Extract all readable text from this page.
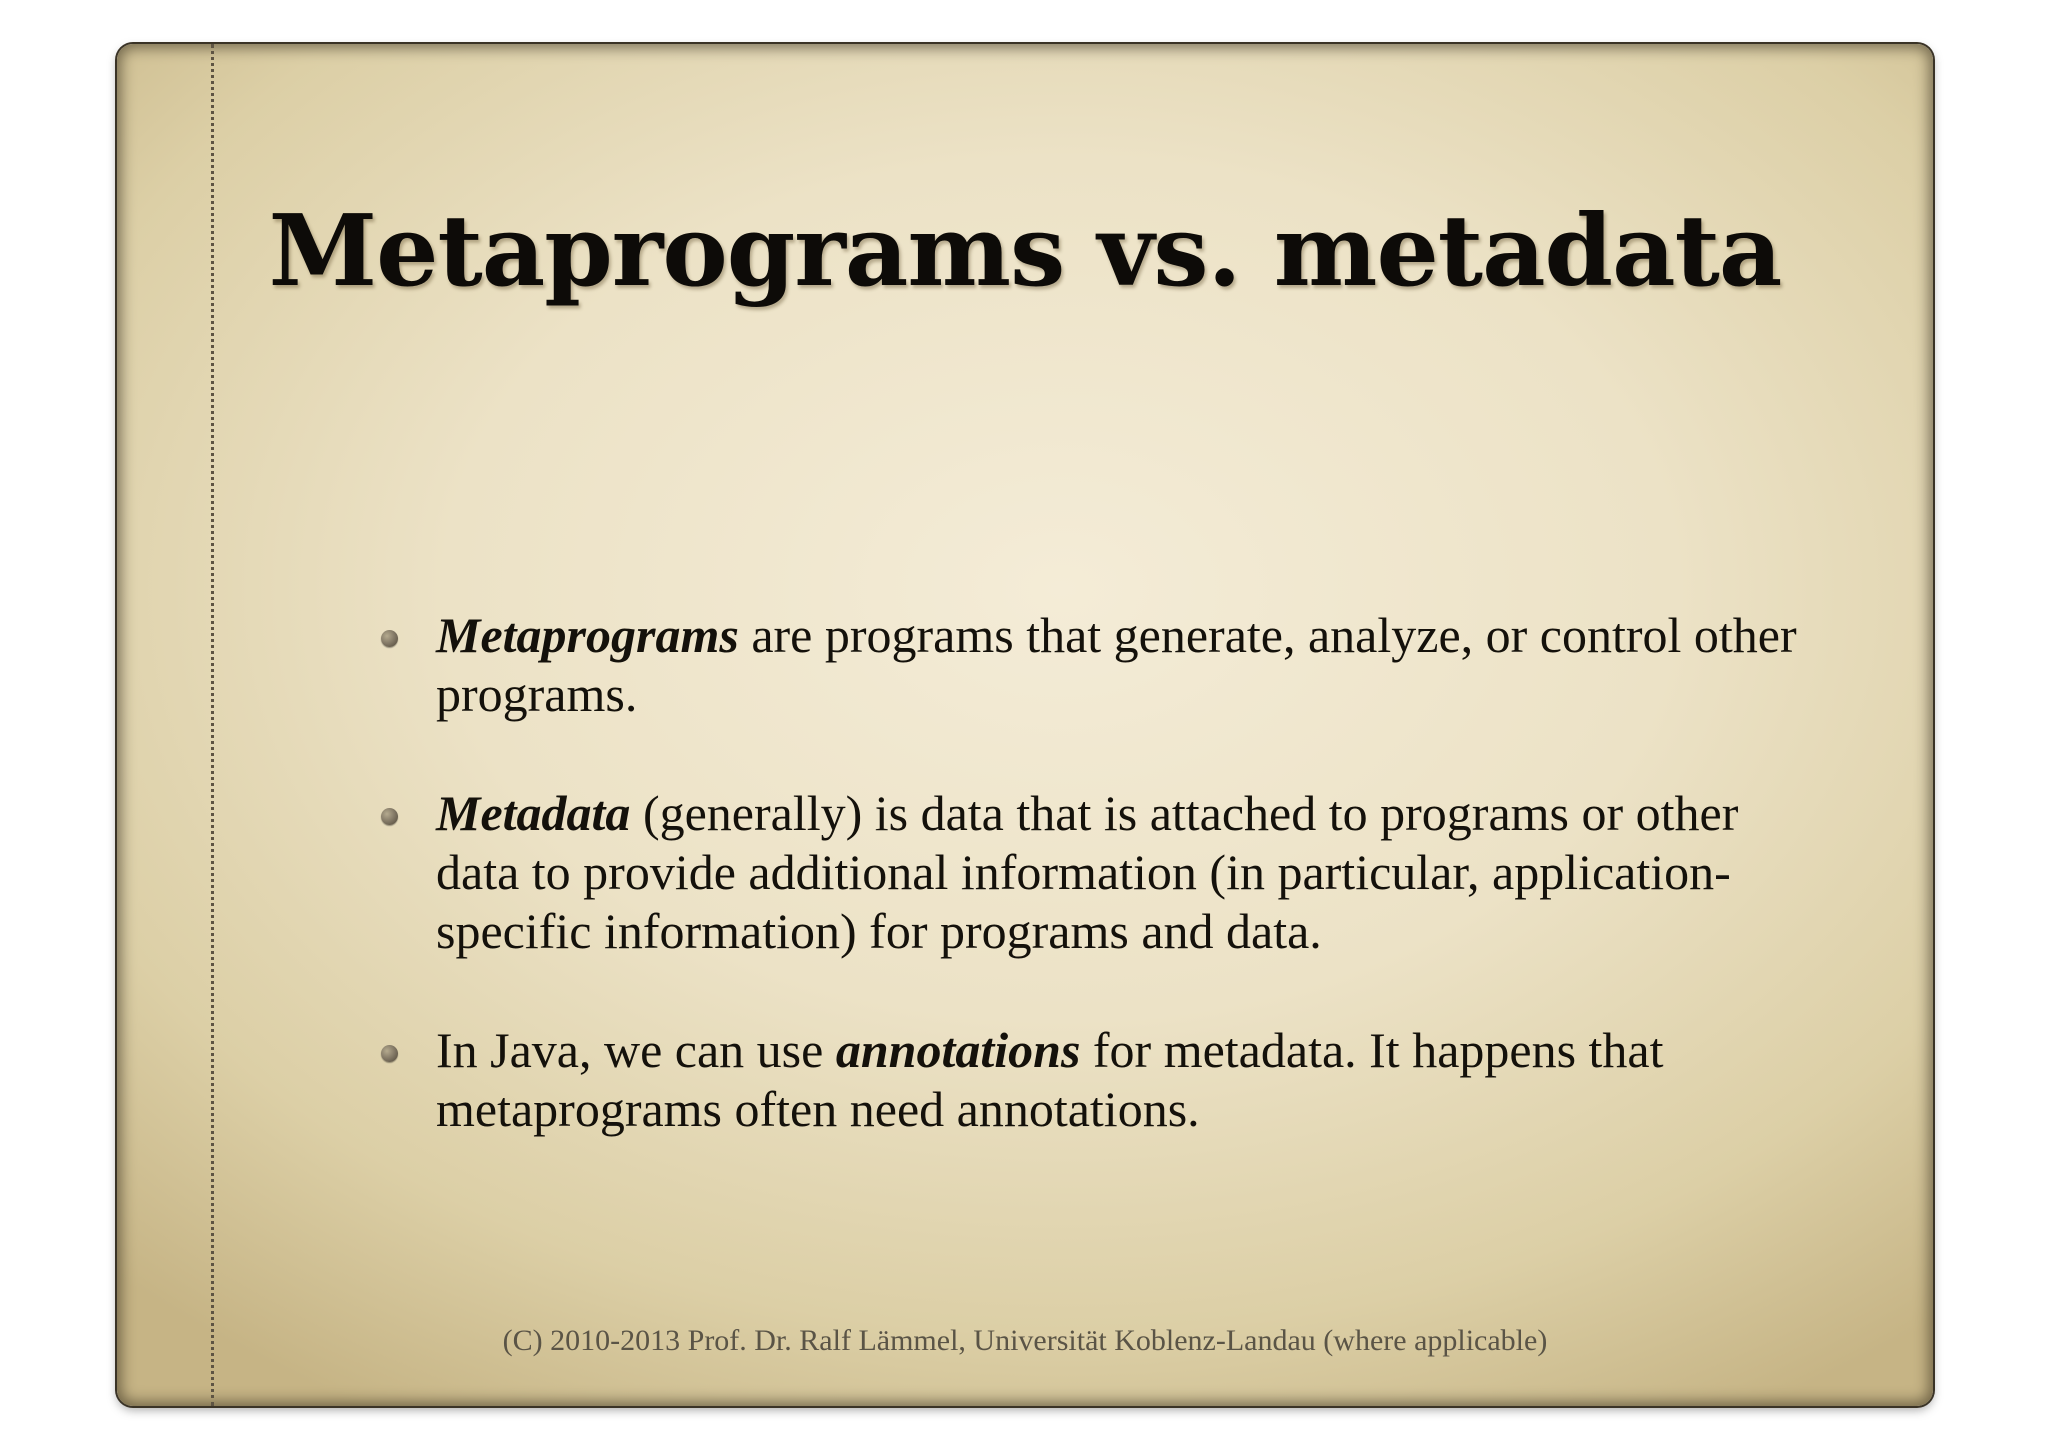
Metaprograms vs. metadata
Metaprograms are programs that generate, analyze, or control other programs.
Metadata (generally) is data that is attached to programs or other data to provide additional information (in particular, application-specific information) for programs and data.
In Java, we can use annotations for metadata. It happens that metaprograms often need annotations.

(C) 2010-2013 Prof. Dr. Ralf Lämmel, Universität Koblenz-Landau (where applicable)
